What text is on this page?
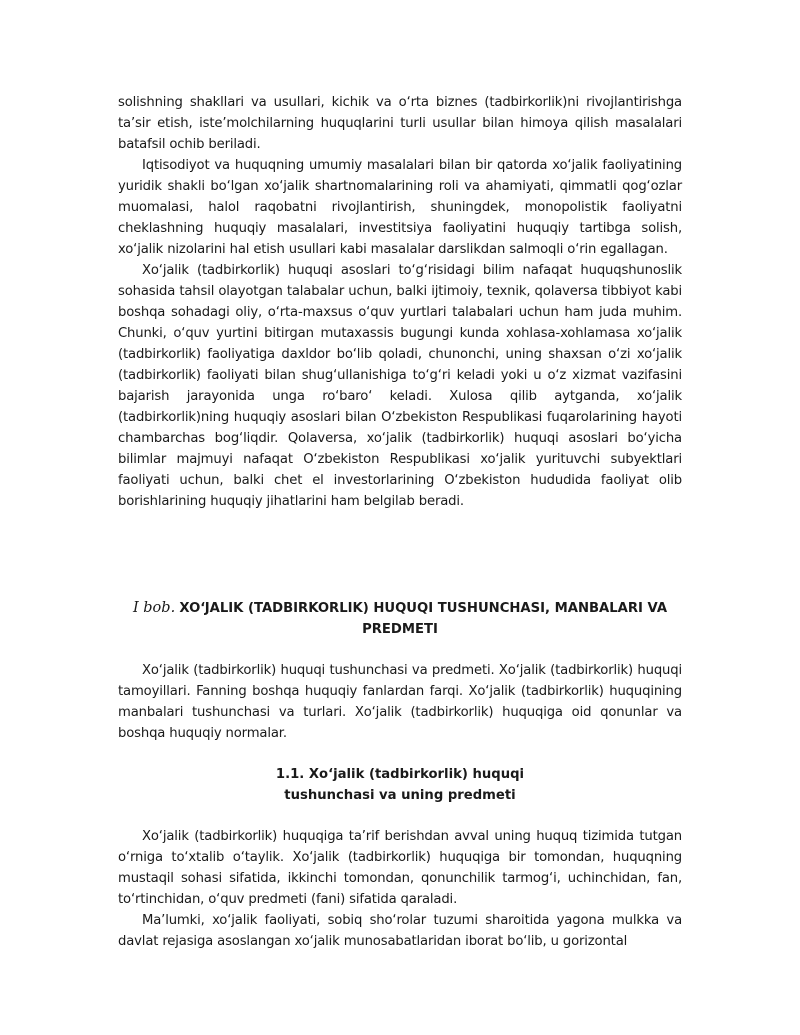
solishning shakllari va usullari, kichik va o‘rta biznes (tadbirkorlik)ni rivojlantirishga ta’sir etish, iste’molchilarning huquqlarini turli usullar bilan himoya qilish masalalari batafsil ochib beriladi.

Iqtisodiyot va huquqning umumiy masalalari bilan bir qatorda xo‘jalik faoliyatining yuridik shakli bo‘lgan xo‘jalik shartnomalarining roli va ahamiyati, qimmatli qog‘ozlar muomalasi, halol raqobatni rivojlantirish, shuningdek, monopolistik faoliyatni cheklashning huquqiy masalalari, investitsiya faoliyatini huquqiy tartibga solish, xo‘jalik nizolarini hal etish usullari kabi masalalar darslikdan salmoqli o‘rin egallagan.

Xo‘jalik (tadbirkorlik) huquqi asoslari to‘g‘risidagi bilim nafaqat huquqshunoslik sohasida tahsil olayotgan talabalar uchun, balki ijtimoiy, texnik, qolaversa tibbiyot kabi boshqa sohadagi oliy, o‘rta-maxsus o‘quv yurtlari talabalari uchun ham juda muhim. Chunki, o‘quv yurtini bitirgan mutaxassis bugungi kunda xohlasa-xohlamasa xo‘jalik (tadbirkorlik) faoliyatiga daxldor bo‘lib qoladi, chunonchi, uning shaxsan o‘zi xo‘jalik (tadbirkorlik) faoliyati bilan shug‘ullanishiga to‘g‘ri keladi yoki u o‘z xizmat vazifasini bajarish jarayonida unga ro‘baro‘ keladi. Xulosa qilib aytganda, xo‘jalik (tadbirkorlik)ning huquqiy asoslari bilan O‘zbekiston Respublikasi fuqarolarining hayoti chambarchas bog‘liqdir. Qolaversa, xo‘jalik (tadbirkorlik) huquqi asoslari bo‘yicha bilimlar majmuyi nafaqat O‘zbekiston Respublikasi xo‘jalik yurituvchi subyektlari faoliyati uchun, balki chet el investorlarining O‘zbekiston hududida faoliyat olib borishlarining huquqiy jihatlarini ham belgilab beradi.

I bob. XO‘JALIK (TADBIRKORLIK) HUQUQI TUSHUNCHASI, MANBALARI VA
PREDMETI

Xo‘jalik (tadbirkorlik) huquqi tushunchasi va predmeti. Xo‘jalik (tadbirkorlik) huquqi tamoyillari. Fanning boshqa huquqiy fanlardan farqi. Xo‘jalik (tadbirkorlik) huquqining manbalari tushunchasi va turlari. Xo‘jalik (tadbirkorlik) huquqiga oid qonunlar va boshqa huquqiy normalar.

1.1. Xo‘jalik (tadbirkorlik) huquqi
tushunchasi va uning predmeti

Xo‘jalik (tadbirkorlik) huquqiga ta’rif berishdan avval uning huquq tizimida tutgan o‘rniga to‘xtalib o‘taylik. Xo‘jalik (tadbirkorlik) huquqiga bir tomondan, huquqning mustaqil sohasi sifatida, ikkinchi tomondan, qonunchilik tarmog‘i, uchinchidan, fan, to‘rtinchidan, o‘quv predmeti (fani) sifatida qaraladi.

Ma’lumki, xo‘jalik faoliyati, sobiq sho‘rolar tuzumi sharoitida yagona mulkka va davlat rejasiga asoslangan xo‘jalik munosabatlaridan iborat bo‘lib, u gorizontal
